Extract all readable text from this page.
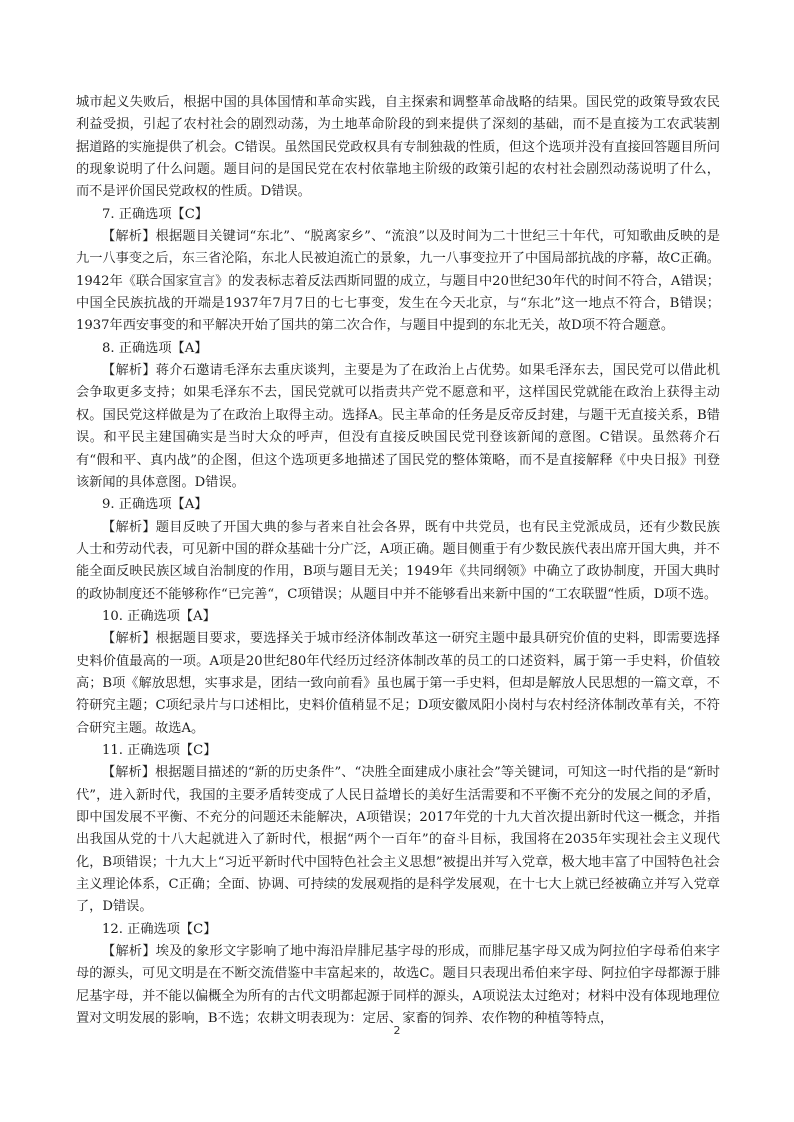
城市起义失败后，根据中国的具体国情和革命实践，自主探索和调整革命战略的结果。国民党的政策导致农民利益受损，引起了农村社会的剧烈动荡，为土地革命阶段的到来提供了深刻的基础，而不是直接为工农武装割据道路的实施提供了机会。C错误。虽然国民党政权具有专制独裁的性质，但这个选项并没有直接回答题目所问的现象说明了什么问题。题目问的是国民党在农村依靠地主阶级的政策引起的农村社会剧烈动荡说明了什么，而不是评价国民党政权的性质。D错误。

7. 正确选项【C】

【解析】根据题目关键词“东北”、“脱离家乡”、“流浪”以及时间为二十世纪三十年代，可知歌曲反映的是九一八事变之后，东三省沦陷，东北人民被迫流亡的景象，九一八事变拉开了中国局部抗战的序幕，故C正确。1942年《联合国家宣言》的发表标志着反法西斯同盟的成立，与题目中20世纪30年代的时间不符合，A错误；中国全民族抗战的开端是1937年7月7日的七七事变，发生在今天北京，与“东北”这一地点不符合，B错误；1937年西安事变的和平解决开始了国共的第二次合作，与题目中提到的东北无关，故D项不符合题意。

8. 正确选项【A】

【解析】蒋介石邀请毛泽东去重庆谈判，主要是为了在政治上占优势。如果毛泽东去，国民党可以借此机会争取更多支持；如果毛泽东不去，国民党就可以指责共产党不愿意和平，这样国民党就能在政治上获得主动权。国民党这样做是为了在政治上取得主动。选择A。民主革命的任务是反帝反封建，与题干无直接关系，B错误。和平民主建国确实是当时大众的呼声，但没有直接反映国民党刊登该新闻的意图。C错误。虽然蒋介石有“假和平、真内战”的企图，但这个选项更多地描述了国民党的整体策略，而不是直接解释《中央日报》刊登该新闻的具体意图。D错误。

9. 正确选项【A】

【解析】题目反映了开国大典的参与者来自社会各界，既有中共党员，也有民主党派成员，还有少数民族人士和劳动代表，可见新中国的群众基础十分广泛，A项正确。题目侧重于有少数民族代表出席开国大典，并不能全面反映民族区域自治制度的作用，B项与题目无关；1949年《共同纲领》中确立了政协制度，开国大典时的政协制度还不能够称作“已完善“，C项错误；从题目中并不能够看出来新中国的“工农联盟“性质，D项不选。

10. 正确选项【A】

【解析】根据题目要求，要选择关于城市经济体制改革这一研究主题中最具研究价值的史料，即需要选择史料价值最高的一项。A项是20世纪80年代经历过经济体制改革的员工的口述资料，属于第一手史料，价值较高；B项《解放思想，实事求是，团结一致向前看》虽也属于第一手史料，但却是解放人民思想的一篇文章，不符研究主题；C项纪录片与口述相比，史料价值稍显不足；D项安徽凤阳小岗村与农村经济体制改革有关，不符合研究主题。故选A。

11. 正确选项【C】

【解析】根据题目描述的“新的历史条件”、“决胜全面建成小康社会”等关键词，可知这一时代指的是“新时代”，进入新时代，我国的主要矛盾转变成了人民日益增长的美好生活需要和不平衡不充分的发展之间的矛盾，即中国发展不平衡、不充分的问题还未能解决，A项错误；2017年党的十九大首次提出新时代这一概念，并指出我国从党的十八大起就进入了新时代，根据“两个一百年”的奋斗目标，我国将在2035年实现社会主义现代化，B项错误；十九大上“习近平新时代中国特色社会主义思想”被提出并写入党章，极大地丰富了中国特色社会主义理论体系，C正确；全面、协调、可持续的发展观指的是科学发展观，在十七大上就已经被确立并写入党章了，D错误。

12. 正确选项【C】

【解析】埃及的象形文字影响了地中海沿岸腓尼基字母的形成，而腓尼基字母又成为阿拉伯字母希伯来字母的源头，可见文明是在不断交流借鉴中丰富起来的，故选C。题目只表现出希伯来字母、阿拉伯字母都源于腓尼基字母，并不能以偏概全为所有的古代文明都起源于同样的源头，A项说法太过绝对；材料中没有体现地理位置对文明发展的影响，B不选；农耕文明表现为：定居、家畜的饲养、农作物的种植等特点，

2
